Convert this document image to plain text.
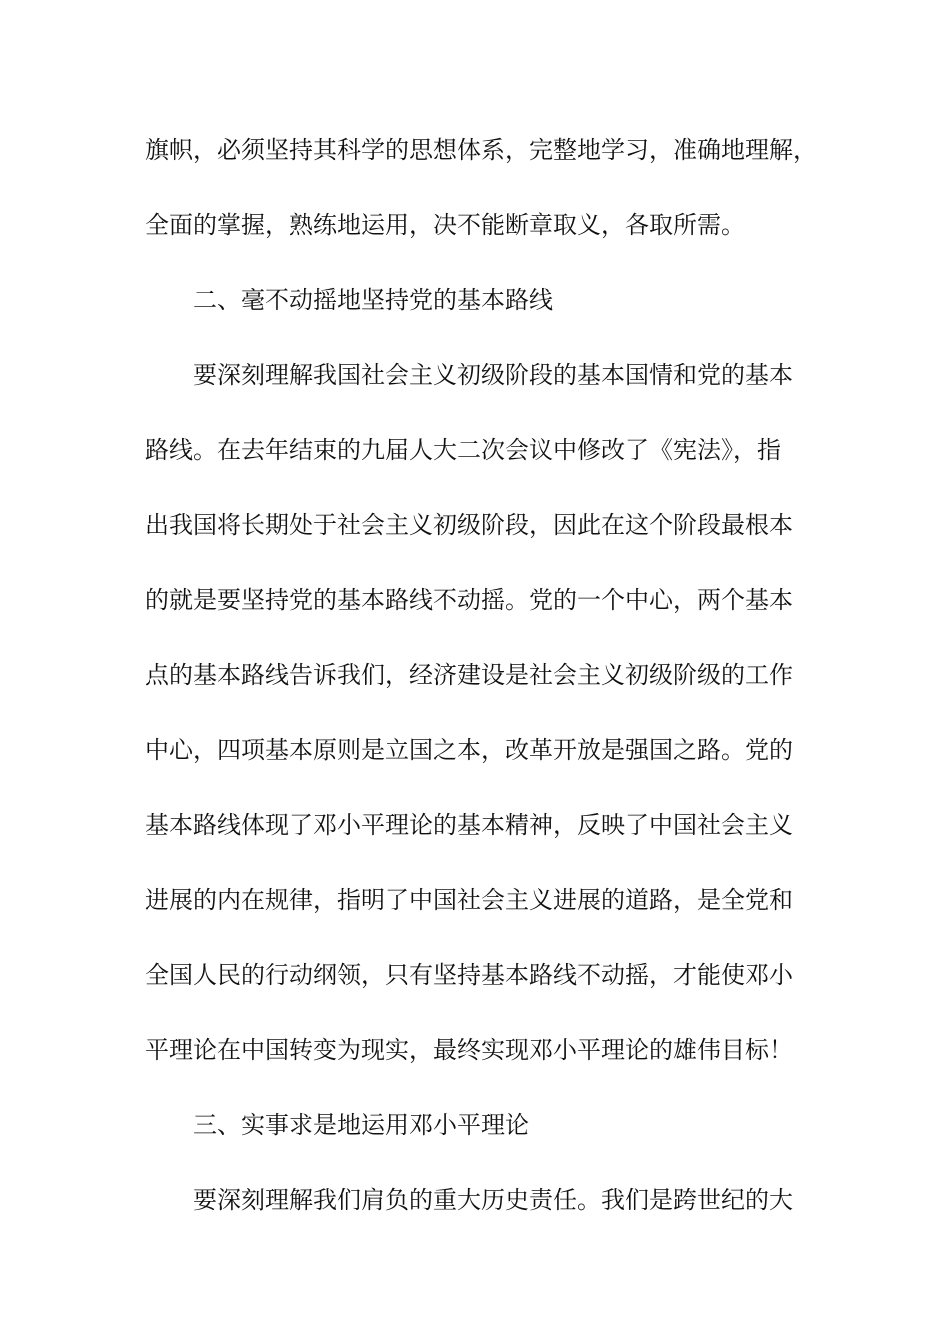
旗帜，必须坚持其科学的思想体系，完整地学习，准确地理解，
全面的掌握，熟练地运用，决不能断章取义，各取所需。
二、毫不动摇地坚持党的基本路线
要深刻理解我国社会主义初级阶段的基本国情和党的基本
路线。在去年结束的九届人大二次会议中修改了《宪法》，指
出我国将长期处于社会主义初级阶段，因此在这个阶段最根本
的就是要坚持党的基本路线不动摇。党的一个中心，两个基本
点的基本路线告诉我们，经济建设是社会主义初级阶级的工作
中心，四项基本原则是立国之本，改革开放是强国之路。党的
基本路线体现了邓小平理论的基本精神，反映了中国社会主义
进展的内在规律，指明了中国社会主义进展的道路，是全党和
全国人民的行动纲领，只有坚持基本路线不动摇，才能使邓小
平理论在中国转变为现实，最终实现邓小平理论的雄伟目标！
三、实事求是地运用邓小平理论
要深刻理解我们肩负的重大历史责任。我们是跨世纪的大
